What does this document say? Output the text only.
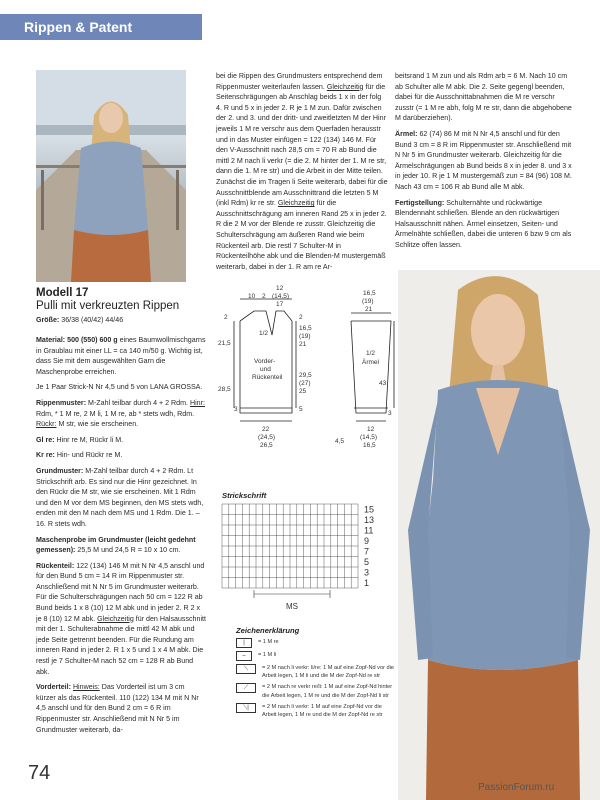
Rippen & Patent
Modell 17
Pulli mit verkreuzten Rippen
Größe: 36/38 (40/42) 44/46

Material: 500 (550) 600 g eines Baumwollmischgarns in Graublau mit einer LL = ca 140 m/50 g. Wichtig ist, dass Sie mit dem ausgewählten Garn die Maschenprobe erreichen.

Je 1 Paar Strick-N Nr 4,5 und 5 von LANA GROSSA.

Rippenmuster: M-Zahl teilbar durch 4 + 2 Rdm. Hinr: Rdm, * 1 M re, 2 M li, 1 M re, ab * stets wdh, Rdm. Rückr: M str, wie sie erscheinen.

Gl re: Hinr re M, Rückr li M.

Kr re: Hin- und Rückr re M.

Grundmuster: M-Zahl teilbar durch 4 + 2 Rdm. Lt Strickschrift arb. Es sind nur die Hinr gezeichnet. In den Rückr die M str, wie sie erscheinen. Mit 1 Rdm und den M vor dem MS beginnen, den MS stets wdh, enden mit den M nach dem MS und 1 Rdm. Die 1. – 16. R stets wdh.

Maschenprobe im Grundmuster (leicht gedehnt gemessen): 25,5 M und 24,5 R = 10 x 10 cm.

Rückenteil: 122 (134) 146 M mit N Nr 4,5 anschl und für den Bund 5 cm = 14 R im Rippenmuster str. Anschließend mit N Nr 5 im Grundmuster weiterarb. Für die Schulterschrägungen nach 50 cm = 122 R ab Bund beids 1 x 8 (10) 12 M abk und in jeder 2. R 2 x je 8 (10) 12 M abk. Gleichzeitig für den Halsausschnitt mit der 1. Schulterabnahme die mittl 42 M abk und jede Seite getrennt beenden. Für die Rundung am inneren Rand in jeder 2. R 1 x 5 und 1 x 4 M abk. Die restl je 7 Schulter-M nach 52 cm = 128 R ab Bund abk.

Vorderteil: Hinweis: Das Vorderteil ist um 3 cm kürzer als das Rückenteil. 110 (122) 134 M mit N Nr 4,5 anschl und für den Bund 2 cm = 6 R im Rippenmuster str. Anschließend mit N Nr 5 im Grundmuster weiterarb, da-

bei die Rippen des Grundmusters entsprechend dem Rippenmuster weiterlaufen lassen. Gleichzeitig für die Seitenschrägungen ab Anschlag beids 1 x in der folg 4. R und 5 x in jeder 2. R je 1 M zun. Dafür zwischen der 2. und 3. und der dritt- und zweitletzten M der Hinr jeweils 1 M re verschr aus dem Querfaden herausstr und in das Muster einfügen = 122 (134) 146 M. Für den V-Ausschnitt nach 28,5 cm = 70 R ab Bund die mittl 2 M nach li verkr (= die 2. M hinter der 1. M re str, dann die 1. M re str) und die Arbeit in der Mitte teilen. Zunächst die im Tragen li Seite weiterarb, dabei für die Ausschnittblende am Ausschnittrand die letzten 5 M (inkl Rdm) kr re str. Gleichzeitig für die Ausschnittschrägung am inneren Rand 25 x in jeder 2. R die 2 M vor der Blende re zusstr. Gleichzeitig die Schulterschrägung am äußeren Rand wie beim Rückenteil arb. Die restl 7 Schulter-M in Rückenteilhöhe abk und die Blenden-M mustergemäß weiterarb, dabei in der 1. R am re Ar-

beitsrand 1 M zun und als Rdm arb = 6 M. Nach 10 cm ab Schulter alle M abk. Die 2. Seite gegengl beenden, dabei für die Ausschnittabnahmen die M re verschr zusstr (= 1 M re abh, folg M re str, dann die abgehobene M darüberziehen).

Ärmel: 62 (74) 86 M mit N Nr 4,5 anschl und für den Bund 3 cm = 8 R im Rippenmuster str. Anschließend mit N Nr 5 im Grundmuster weiterarb. Gleichzeitig für die Ärmelschrägungen ab Bund beids 8 x in jeder 8. und 3 x in jeder 10. R je 1 M mustergemäß zun = 84 (96) 108 M. Nach 43 cm = 106 R ab Bund alle M abk.

Fertigstellung: Schulternähte und rückwärtige Blendennaht schließen. Blende an den rückwärtigen Halsausschnitt nähen. Ärmel einsetzen, Seiten- und Ärmelnähte schließen, dabei die unteren 6 bzw 9 cm als Schlitze offen lassen.

12
10 2 (14,5)
17
2
21,5
28,5
2
16,5
(19)
21
29,5
(27)
25
5
22
(24,5)
26,5
3
1/2
Vorder-
und
Rückenteil
16,5
(19)
21
1/2
Ärmel
43
3
4,5
12
(14,5)
16,5
Strickschrift
15
13
11
9
7
5
3
1
MS
Zeichenerklärung
|	= 1 M re
–	= 1 M li
⟍	= 2 M nach li verkr: li/re: 1 M auf eine Zopf-Nd vor die Arbeit legen, 1 M li und die M der Zopf-Nd re str
⟋	= 2 M nach re verkr re/li: 1 M auf eine Zopf-Nd hinter die Arbeit legen, 1 M re und die M der Zopf-Nd li str
⟍|	= 2 M nach li verkr: 1 M auf eine Zopf-Nd vor die Arbeit legen, 1 M re und die M der Zopf-Nd re str
74
PassionForum.ru
